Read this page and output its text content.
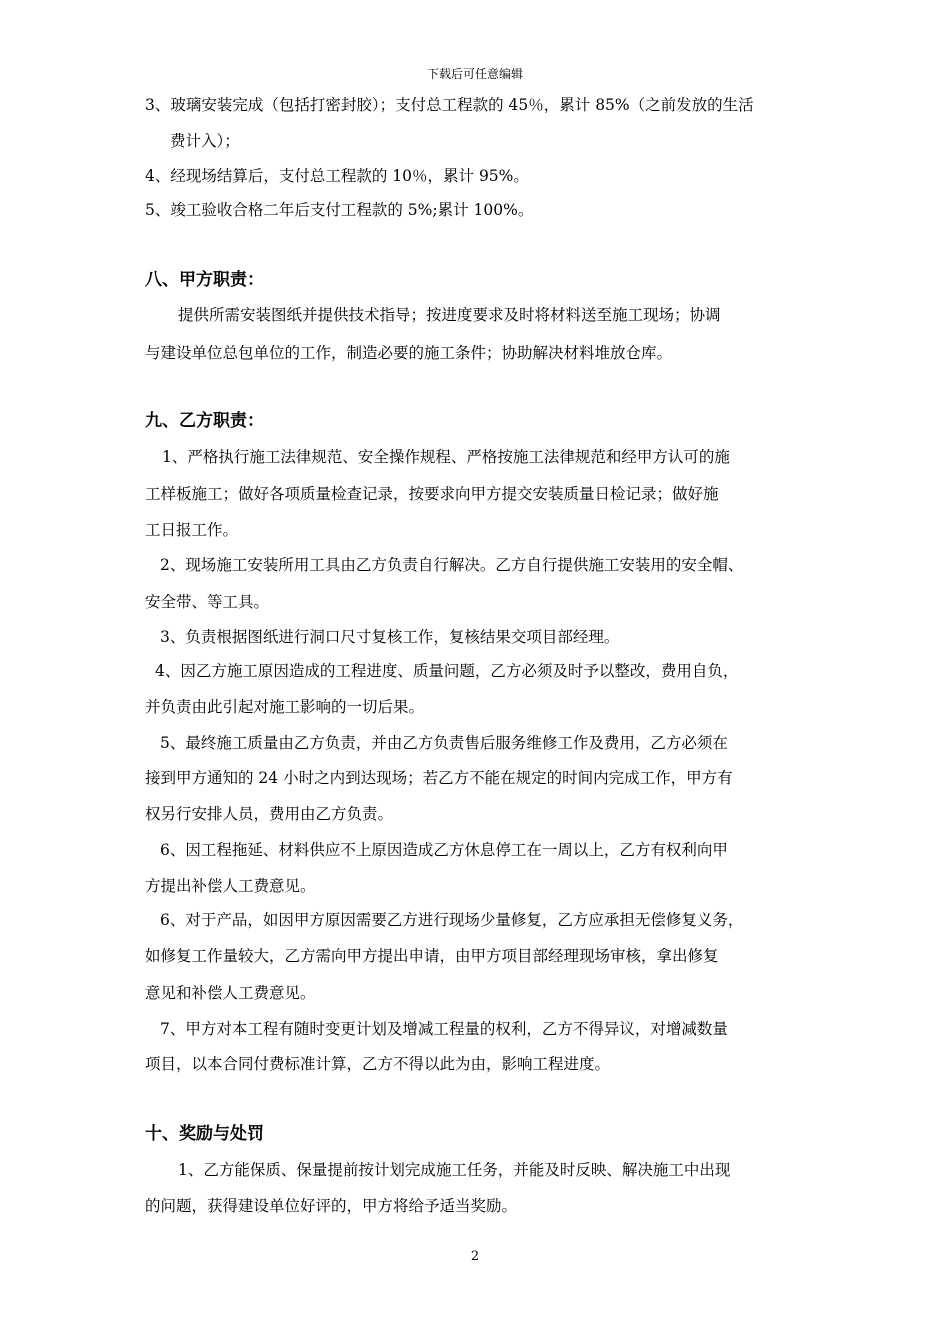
下载后可任意编辑
3、玻璃安装完成（包括打密封胶）；支付总工程款的 45％，累计 85%（之前发放的生活
费计入）；
4、经现场结算后，支付总工程款的 10％，累计 95%。
5、竣工验收合格二年后支付工程款的 5%;累计 100%。
八、甲方职责：
提供所需安装图纸并提供技术指导；按进度要求及时将材料送至施工现场；协调
与建设单位总包单位的工作，制造必要的施工条件；协助解决材料堆放仓库。
九、乙方职责：
1、严格执行施工法律规范、安全操作规程、严格按施工法律规范和经甲方认可的施
工样板施工；做好各项质量检查记录，按要求向甲方提交安装质量日检记录；做好施
工日报工作。
2、现场施工安装所用工具由乙方负责自行解决。乙方自行提供施工安装用的安全帽、
安全带、等工具。
3、负责根据图纸进行洞口尺寸复核工作，复核结果交项目部经理。
4、因乙方施工原因造成的工程进度、质量问题，乙方必须及时予以整改，费用自负，
并负责由此引起对施工影响的一切后果。
5、最终施工质量由乙方负责，并由乙方负责售后服务维修工作及费用，乙方必须在
接到甲方通知的 24 小时之内到达现场；若乙方不能在规定的时间内完成工作，甲方有
权另行安排人员，费用由乙方负责。
6、因工程拖延、材料供应不上原因造成乙方休息停工在一周以上，乙方有权利向甲
方提出补偿人工费意见。
6、对于产品，如因甲方原因需要乙方进行现场少量修复，乙方应承担无偿修复义务，
如修复工作量较大，乙方需向甲方提出申请，由甲方项目部经理现场审核，拿出修复
意见和补偿人工费意见。
7、甲方对本工程有随时变更计划及增减工程量的权利，乙方不得异议，对增减数量
项目，以本合同付费标准计算，乙方不得以此为由，影响工程进度。
十、奖励与处罚
1、乙方能保质、保量提前按计划完成施工任务，并能及时反映、解决施工中出现
的问题，获得建设单位好评的，甲方将给予适当奖励。
2
